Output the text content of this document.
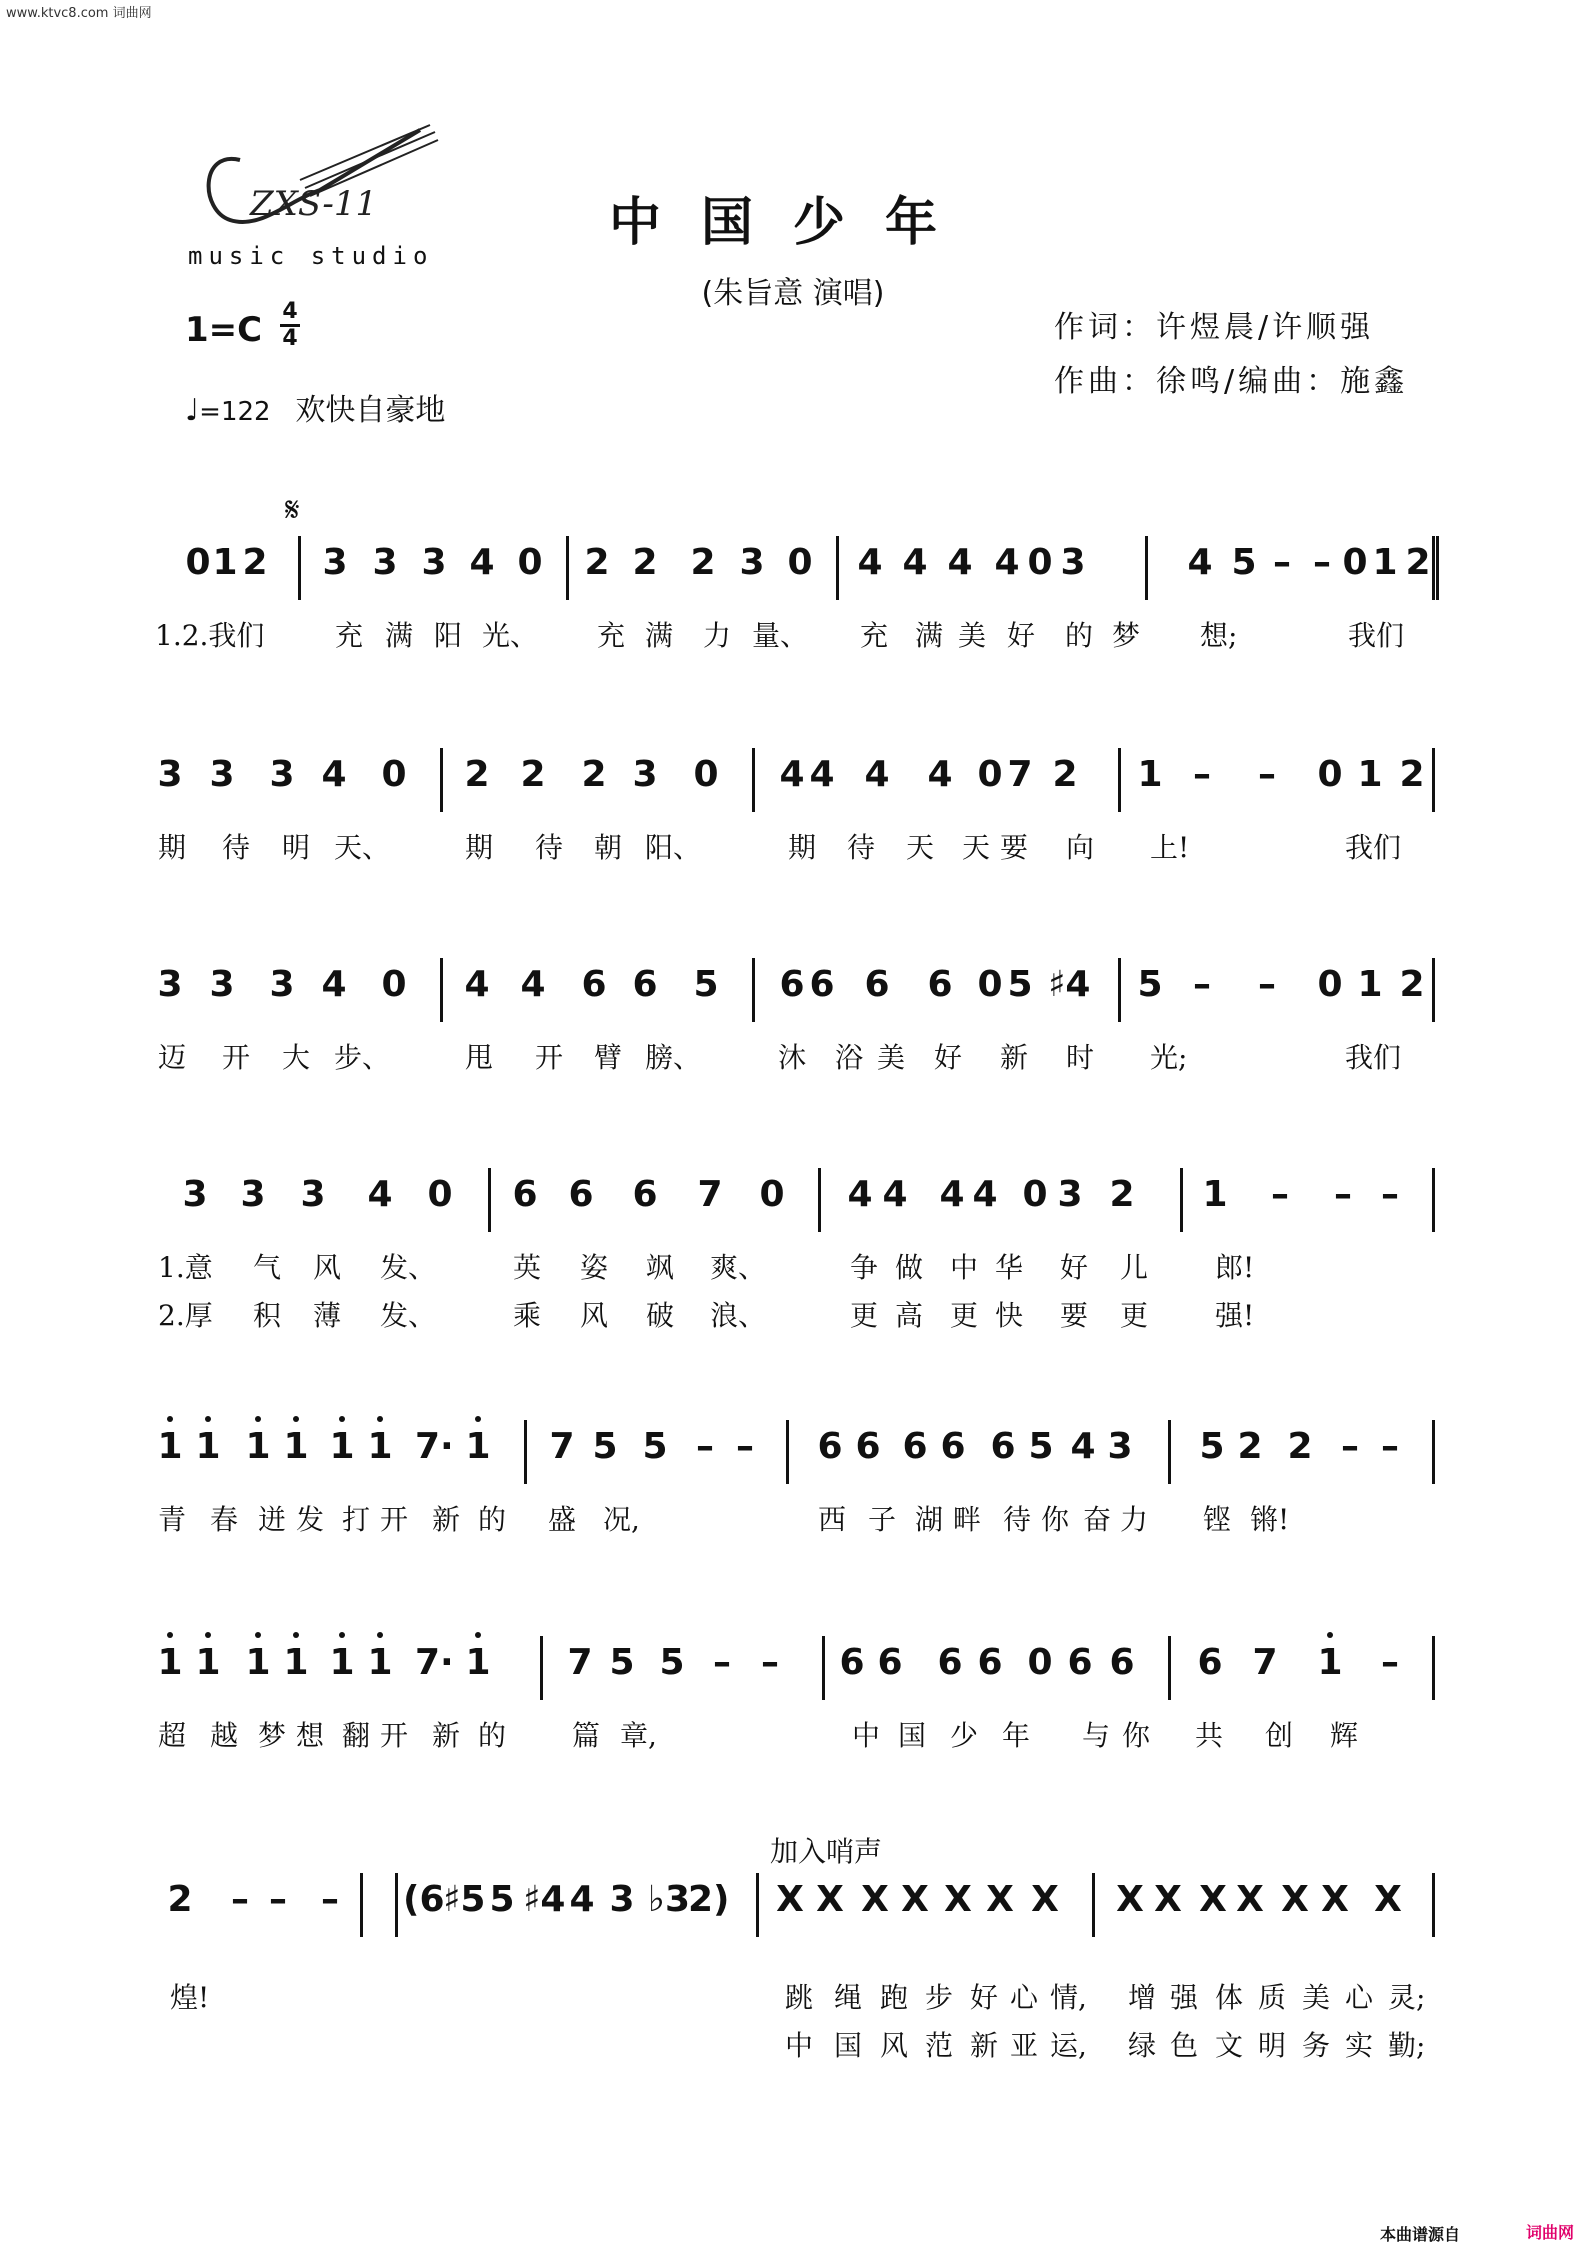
www.ktvc8.com 词曲网
ZXS-11
music studio
中国少年
(朱旨意 演唱)
作词：许煜晨/许顺强
作曲：徐鸣/编曲：施鑫
1=C 4
4
♩=122 欢快自豪地
𝄋
加入哨声
0 1 2 3 3 3 4 0 2 2 2 3 0 4 4 4 4 0 3	4 5 – – 0 1 2
1.2.我们	充 满 阳 光、 充 满 力 量、 充 满 美 好 的 梦 想;	我们
3 3 3 4 0 2 2 2 3 0 4 4 4 4 0 7 2 1 – – 0 1 2
期 待 明 天、	期 待 朝 阳、	期 待 天 天 要 向 上!	我们
3 3 3 4 0 4 4 6 6 5 6 6 6 6 0 5 ♯4 5 – – 0 1 2
迈 开 大 步、	甩 开 臂 膀、	沐 浴 美 好 新 时 光;	我们
3 3 3 4 0 6 6 6 7 0 4 4 4 4 0 3 2 1 – – –
1.意 气 风 发、	英 姿 飒 爽、	争 做 中 华 好 儿 郎!
2.厚 积 薄 发、	乘 风 破 浪、	更 高 更 快 要 更 强!
1 1 1 1 1 1 7· 1 7 5 5 – – 6 6 6 6 6 5 4 3 5 2 2 – –
青 春 迸 发 打 开 新 的 盛 况,	西 子 湖 畔 待 你 奋 力 铿 锵!
1 1 1 1 1 1 7· 1 7 5 5 – – 6 6 6 6 0 6 6 6 7 1 –
超 越 梦 想 翻 开 新 的 篇 章,	中 国 少 年 与 你 共 创 辉
2 – – – (6
♯5 5 ♯4 4 3 ♭3
2) X X X X X X X X X X X X X X
煌!	跳 绳 跑 步 好 心 情, 增 强 体 质 美 心 灵;
中 国 风 范 新 亚 运, 绿 色 文 明 务 实 勤;
本曲谱源自	词曲网
